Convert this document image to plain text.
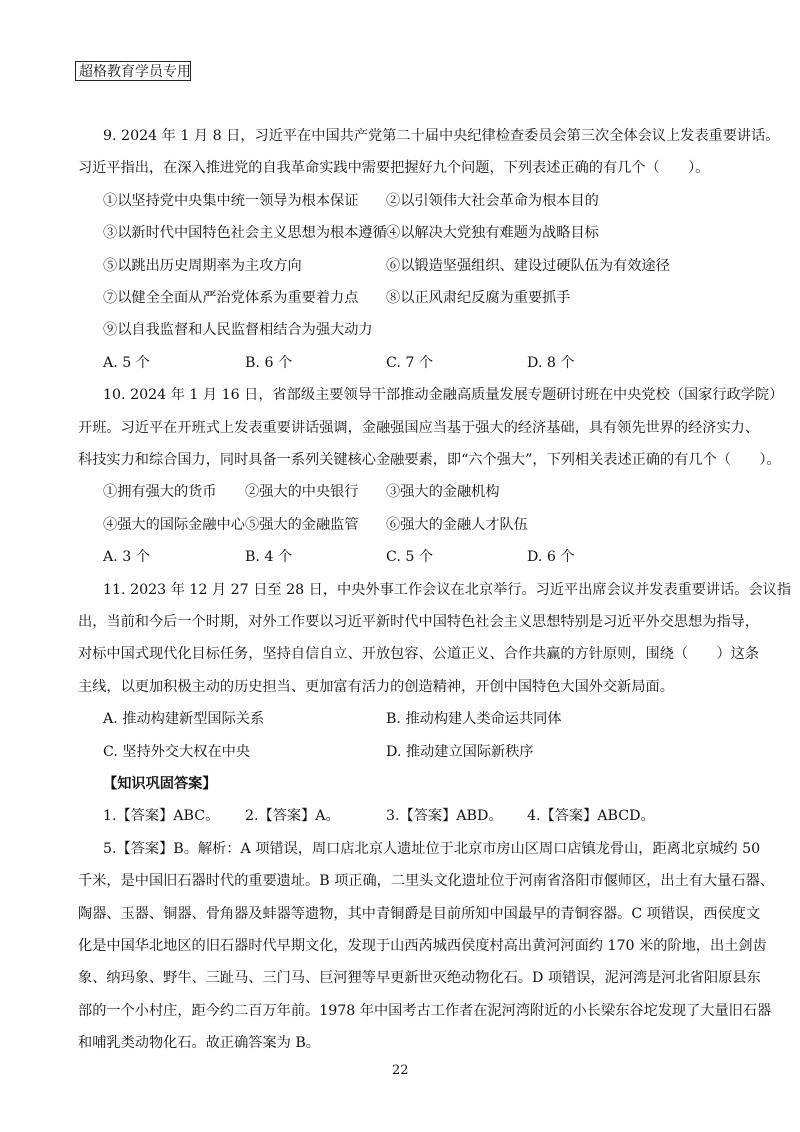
超格教育学员专用
9. 2024 年 1 月 8 日，习近平在中国共产党第二十届中央纪律检查委员会第三次全体会议上发表重要讲话。
习近平指出，在深入推进党的自我革命实践中需要把握好九个问题，下列表述正确的有几个（　　）。
①以坚持党中央集中统一领导为根本保证 ②以引领伟大社会革命为根本目的
③以新时代中国特色社会主义思想为根本遵循 ④以解决大党独有难题为战略目标
⑤以跳出历史周期率为主攻方向	⑥以锻造坚强组织、建设过硬队伍为有效途径
⑦以健全全面从严治党体系为重要着力点 ⑧以正风肃纪反腐为重要抓手
⑨以自我监督和人民监督相结合为强大动力
A. 5 个	B. 6 个	C. 7 个	D. 8 个
10. 2024 年 1 月 16 日，省部级主要领导干部推动金融高质量发展专题研讨班在中央党校（国家行政学院）
开班。习近平在开班式上发表重要讲话强调，金融强国应当基于强大的经济基础，具有领先世界的经济实力、
科技实力和综合国力，同时具备一系列关键核心金融要素，即“六个强大”，下列相关表述正确的有几个（　　）。
①拥有强大的货币 ②强大的中央银行 ③强大的金融机构
④强大的国际金融中心 ⑤强大的金融监管 ⑥强大的金融人才队伍
A. 3 个	B. 4 个	C. 5 个	D. 6 个
11. 2023 年 12 月 27 日至 28 日，中央外事工作会议在北京举行。习近平出席会议并发表重要讲话。会议指
出，当前和今后一个时期，对外工作要以习近平新时代中国特色社会主义思想特别是习近平外交思想为指导，
对标中国式现代化目标任务，坚持自信自立、开放包容、公道正义、合作共赢的方针原则，围绕（　　）这条
主线，以更加积极主动的历史担当、更加富有活力的创造精神，开创中国特色大国外交新局面。
A. 推动构建新型国际关系	B. 推动构建人类命运共同体
C. 坚持外交大权在中央	D. 推动建立国际新秩序
【知识巩固答案】
1.【答案】ABC。 2.【答案】A。	3.【答案】ABD。 4.【答案】ABCD。
5.【答案】B。解析：A 项错误，周口店北京人遗址位于北京市房山区周口店镇龙骨山，距离北京城约 50
千米，是中国旧石器时代的重要遗址。B 项正确，二里头文化遗址位于河南省洛阳市偃师区，出土有大量石器、
陶器、玉器、铜器、骨角器及蚌器等遗物，其中青铜爵是目前所知中国最早的青铜容器。C 项错误，西侯度文
化是中国华北地区的旧石器时代早期文化，发现于山西芮城西侯度村高出黄河河面约 170 米的阶地，出土剑齿
象、纳玛象、野牛、三趾马、三门马、巨河狸等早更新世灭绝动物化石。D 项错误，泥河湾是河北省阳原县东
部的一个小村庄，距今约二百万年前。1978 年中国考古工作者在泥河湾附近的小长梁东谷坨发现了大量旧石器
和哺乳类动物化石。故正确答案为 B。
22
